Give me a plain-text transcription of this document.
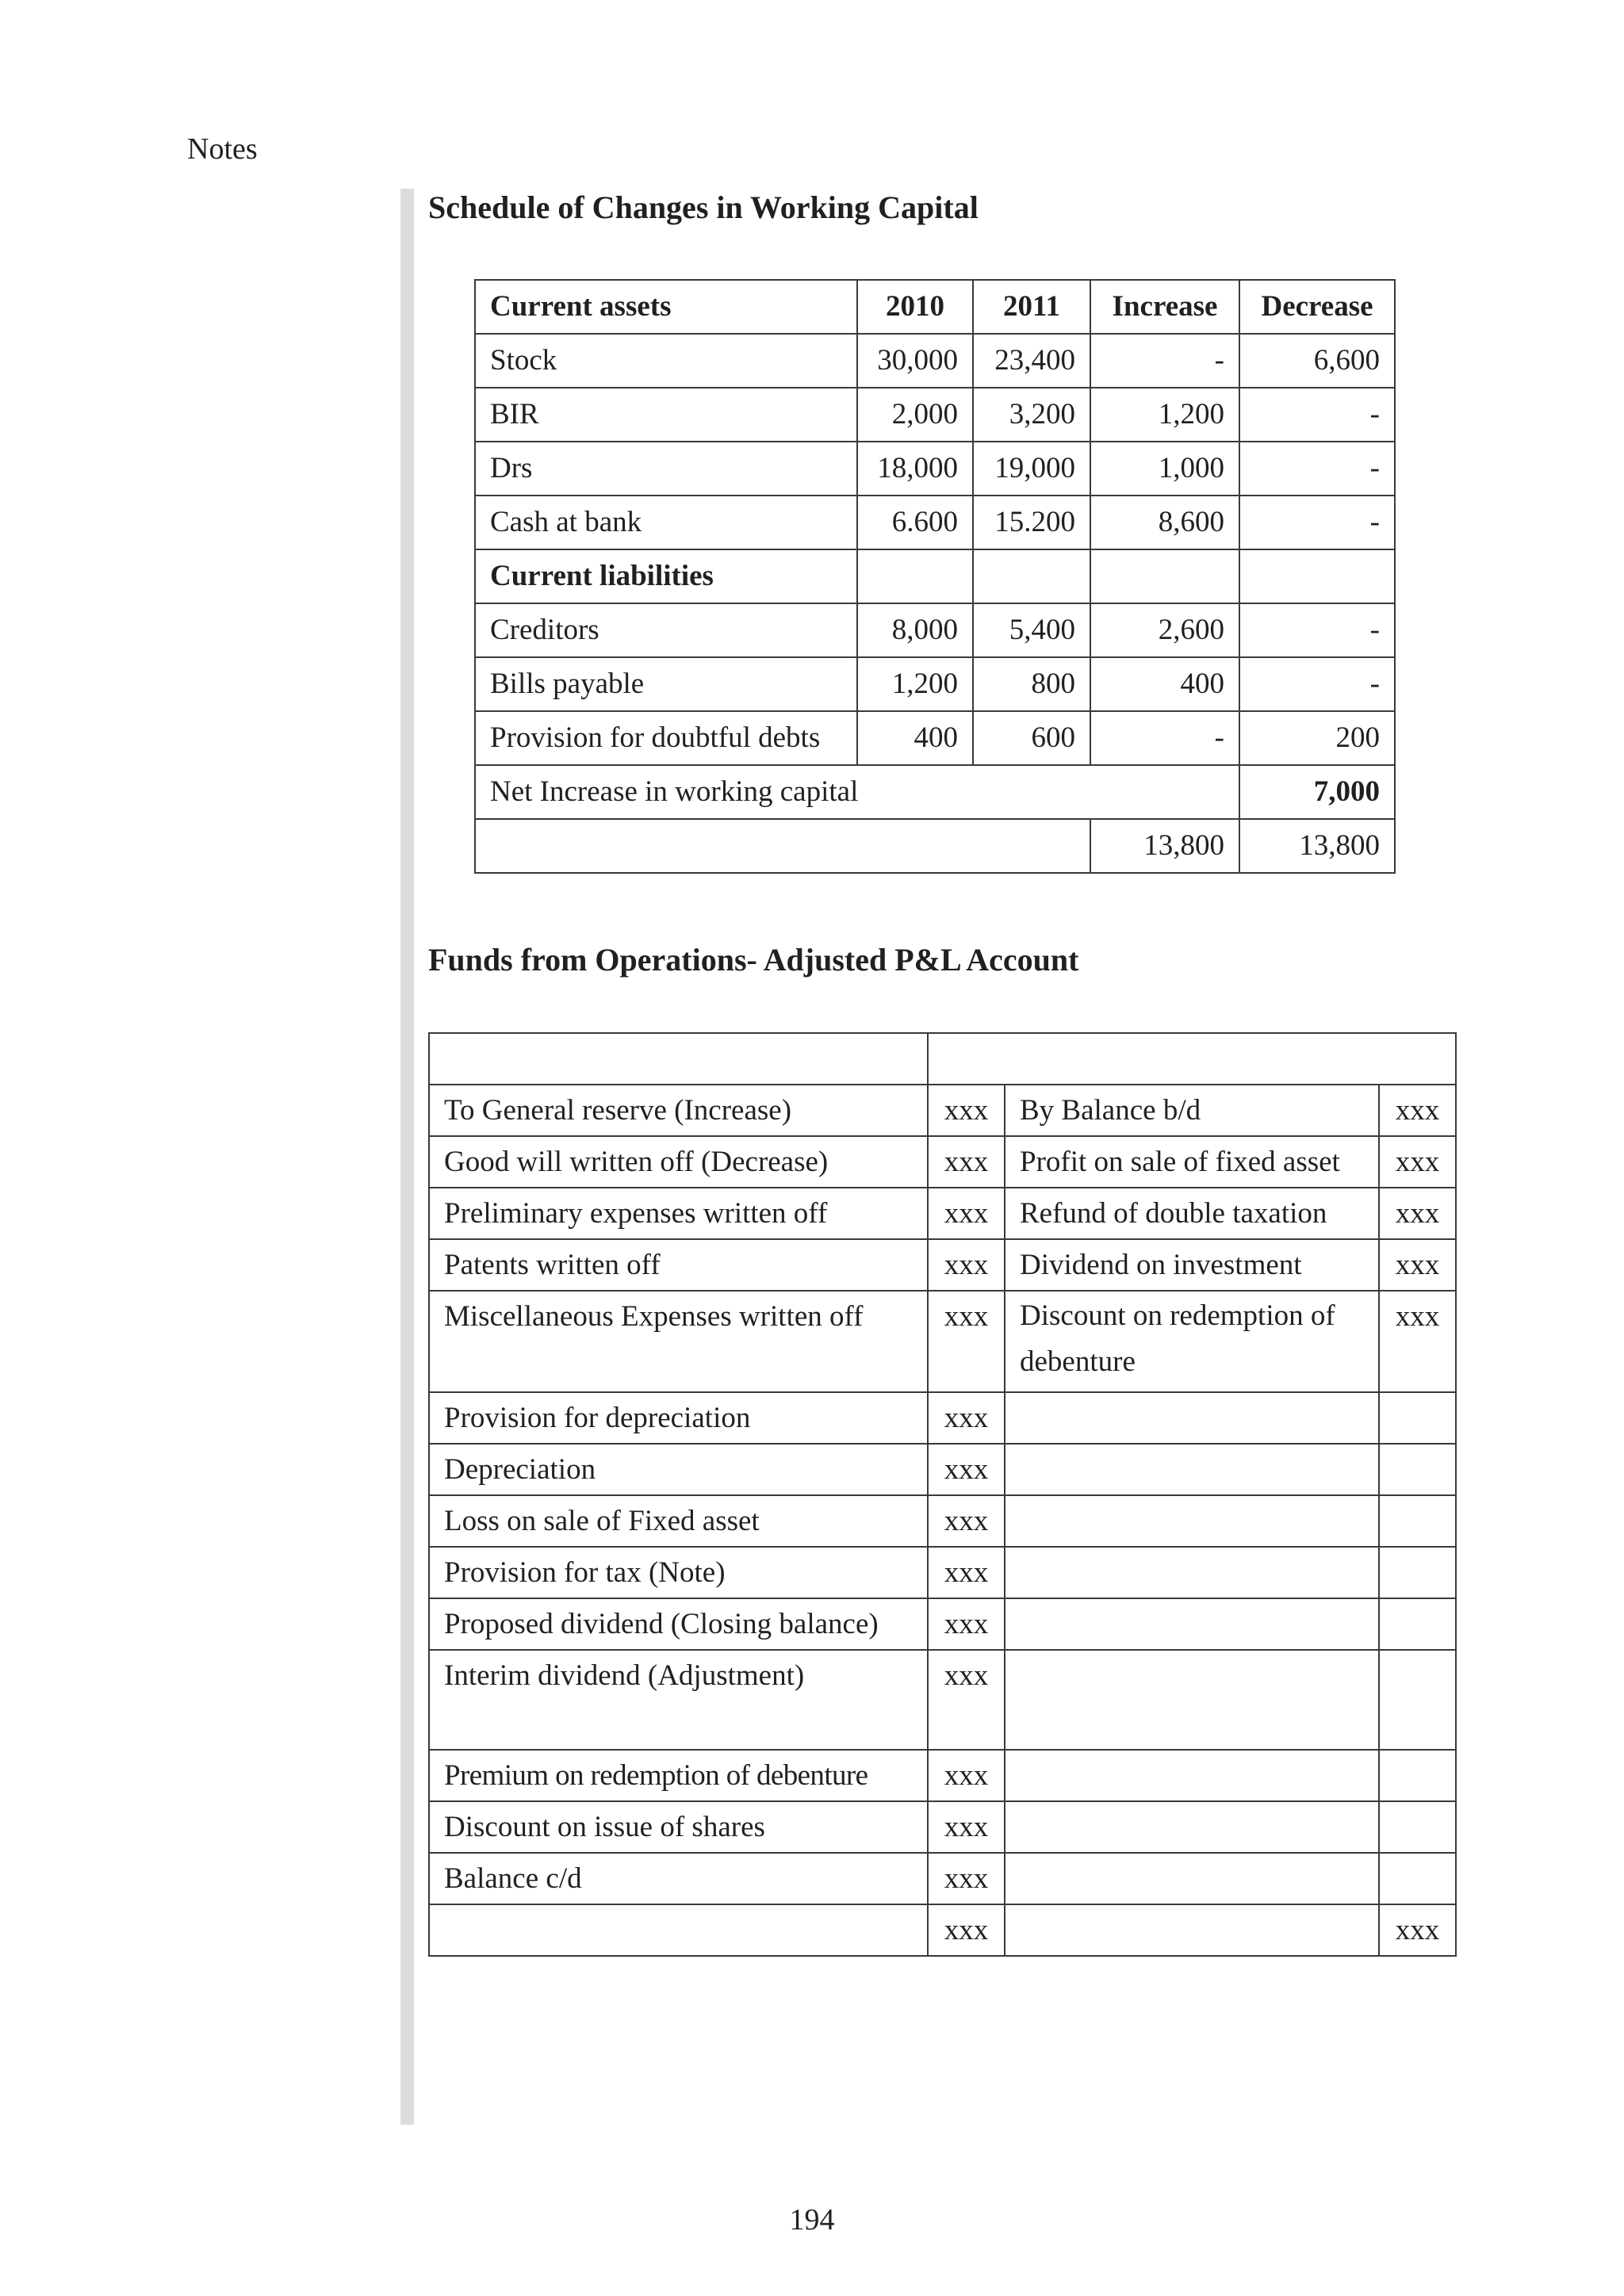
Notes
Schedule of Changes in Working Capital
Current assets	2010	2011	Increase	Decrease
Stock	30,000	23,400	-	6,600
BIR	2,000	3,200	1,200	-
Drs	18,000	19,000	1,000	-
Cash at bank	6.600	15.200	8,600	-
Current liabilities				
Creditors	8,000	5,400	2,600	-
Bills payable	1,200	800	400	-
Provision for doubtful debts	400	600	-	200
Net Increase in working capital				7,000
			13,800	13,800
Funds from Operations- Adjusted P&L Account

To General reserve (Increase)	xxx	By Balance b/d	xxx
Good will written off (Decrease)	xxx	Profit on sale of fixed asset	xxx
Preliminary expenses written off	xxx	Refund of double taxation	xxx
Patents written off	xxx	Dividend on investment	xxx
Miscellaneous Expenses written off	xxx	Discount on redemption of debenture	xxx
Provision for depreciation	xxx		
Depreciation	xxx		
Loss on sale of Fixed asset	xxx		
Provision for tax (Note)	xxx		
Proposed dividend (Closing balance)	xxx		
Interim dividend (Adjustment)	xxx		
Premium on redemption of debenture	xxx		
Discount on issue of shares	xxx		
Balance c/d	xxx		
	xxx		xxx
194
